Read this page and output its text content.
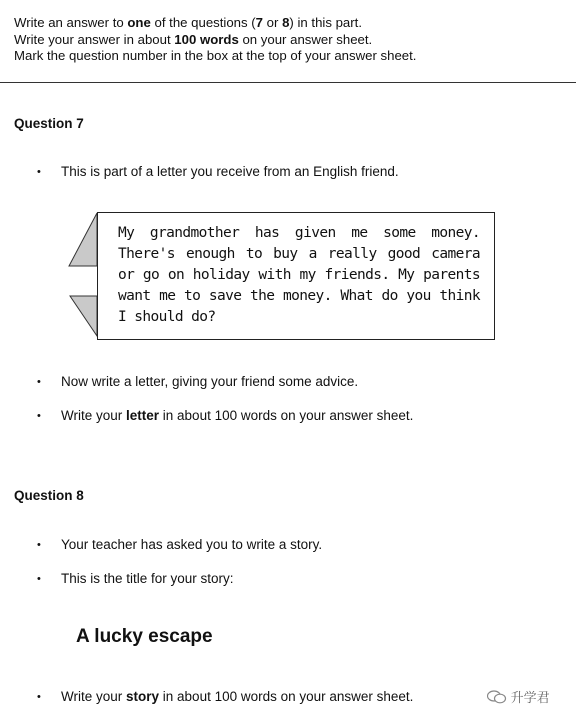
Write an answer to one of the questions (7 or 8) in this part.
Write your answer in about 100 words on your answer sheet.
Mark the question number in the box at the top of your answer sheet.
Question 7
• This is part of a letter you receive from an English friend.
My grandmother has given me some money. There's enough to buy a really good camera or go on holiday with my friends. My parents want me to save the money. What do you think I should do?
• Now write a letter, giving your friend some advice.
• Write your letter in about 100 words on your answer sheet.
Question 8
• Your teacher has asked you to write a story.
• This is the title for your story:
A lucky escape
• Write your story in about 100 words on your answer sheet.	升学君
